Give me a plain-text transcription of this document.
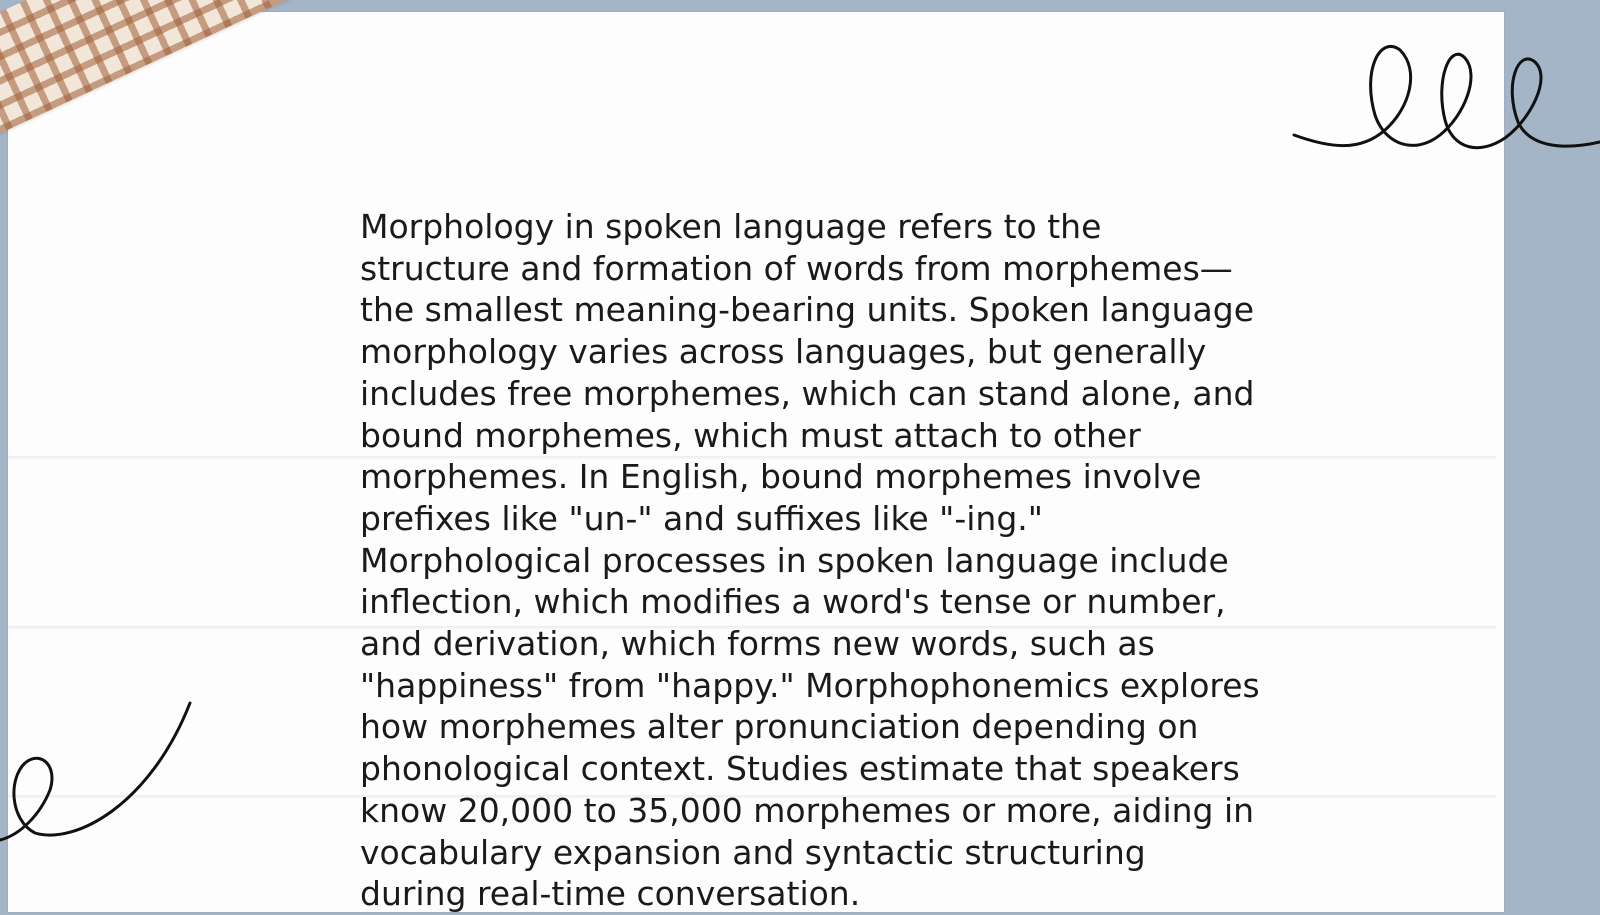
Morphology in spoken language refers to the structure and formation of words from morphemes—the smallest meaning-bearing units. Spoken language morphology varies across languages, but generally includes free morphemes, which can stand alone, and bound morphemes, which must attach to other morphemes. In English, bound morphemes involve prefixes like "un-" and suffixes like "-ing." Morphological processes in spoken language include inflection, which modifies a word's tense or number, and derivation, which forms new words, such as "happiness" from "happy." Morphophonemics explores how morphemes alter pronunciation depending on phonological context. Studies estimate that speakers know 20,000 to 35,000 morphemes or more, aiding in vocabulary expansion and syntactic structuring during real-time conversation.
